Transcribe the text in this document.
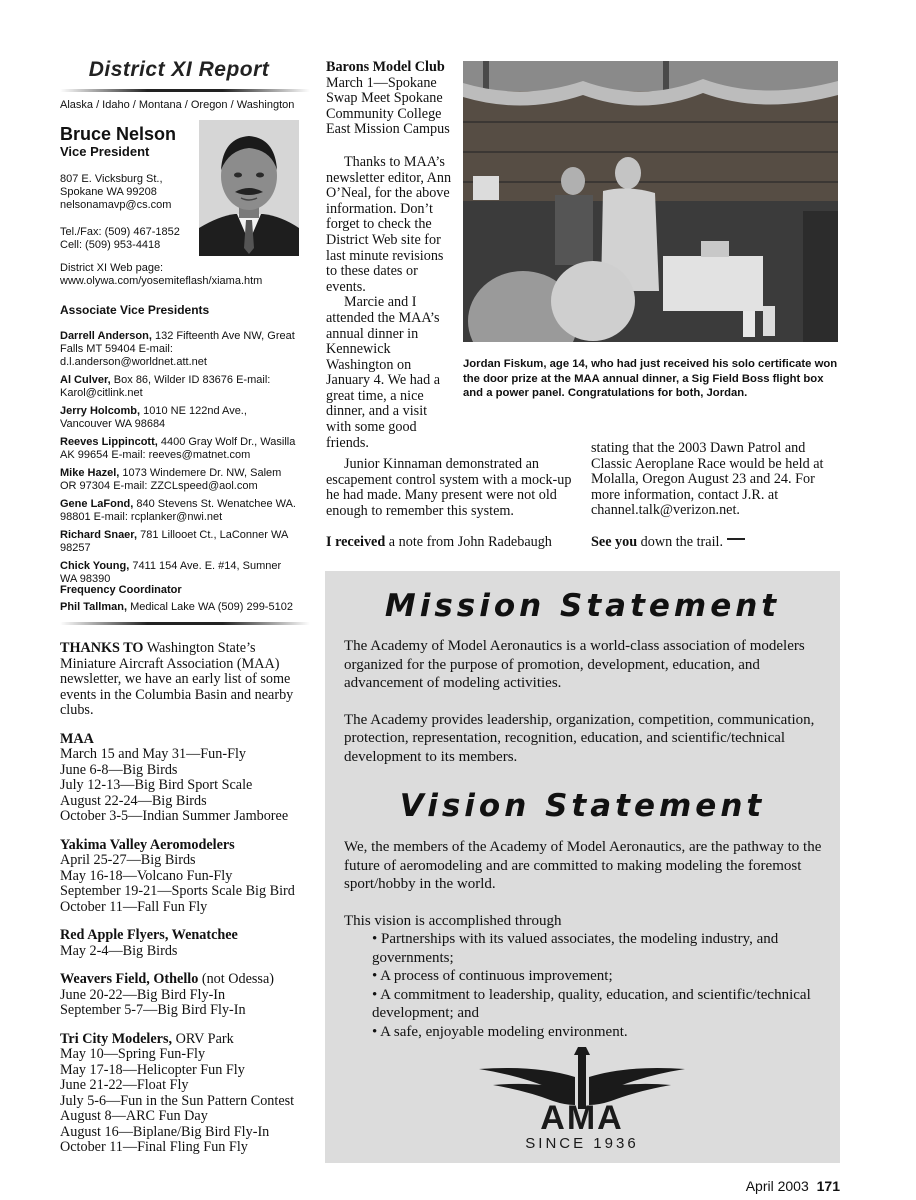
District XI Report
Alaska / Idaho / Montana / Oregon / Washington
Bruce Nelson
Vice President
807 E. Vicksburg St.,
Spokane WA 99208
nelsonamavp@cs.com
Tel./Fax: (509) 467-1852
Cell: (509) 953-4418
District XI Web page:
www.olywa.com/yosemiteflash/xiama.htm
Associate Vice Presidents

Darrell Anderson, 132 Fifteenth Ave NW, Great Falls MT 59404 E-mail: d.l.anderson@worldnet.att.net

Al Culver, Box 86, Wilder ID 83676 E-mail: Karol@citlink.net

Jerry Holcomb, 1010 NE 122nd Ave., Vancouver WA 98684

Reeves Lippincott, 4400 Gray Wolf Dr., Wasilla AK 99654 E-mail: reeves@matnet.com

Mike Hazel, 1073 Windemere Dr. NW, Salem OR 97304 E-mail: ZZCLspeed@aol.com

Gene LaFond, 840 Stevens St. Wenatchee WA. 98801 E-mail: rcplanker@nwi.net

Richard Snaer, 781 Lillooet Ct., LaConner WA 98257

Chick Young, 7411 154 Ave. E. #14, Sumner WA 98390

Frequency Coordinator
Phil Tallman, Medical Lake WA (509) 299-5102

THANKS TO Washington State’s Miniature Aircraft Association (MAA) newsletter, we have an early list of some events in the Columbia Basin and nearby clubs.

MAA
March 15 and May 31—Fun-Fly
June 6-8—Big Birds
July 12-13—Big Bird Sport Scale
August 22-24—Big Birds
October 3-5—Indian Summer Jamboree

Yakima Valley Aeromodelers
April 25-27—Big Birds
May 16-18—Volcano Fun-Fly
September 19-21—Sports Scale Big Bird
October 11—Fall Fun Fly

Red Apple Flyers, Wenatchee
May 2-4—Big Birds

Weavers Field, Othello (not Odessa)
June 20-22—Big Bird Fly-In
September 5-7—Big Bird Fly-In

Tri City Modelers, ORV Park
May 10—Spring Fun-Fly
May 17-18—Helicopter Fun Fly
June 21-22—Float Fly
July 5-6—Fun in the Sun Pattern Contest
August 8—ARC Fun Day
August 16—Biplane/Big Bird Fly-In
October 11—Final Fling Fun Fly

Barons Model Club
March 1—Spokane Swap Meet Spokane Community College East Mission Campus
Thanks to MAA’s newsletter editor, Ann O’Neal, for the above information. Don’t forget to check the District Web site for last minute revisions to these dates or events.
Marcie and I attended the MAA’s annual dinner in Kennewick Washington on January 4. We had a great time, a nice dinner, and a visit with some good friends.
Junior Kinnaman demonstrated an escapement control system with a mock-up he had made. Many present were not old enough to remember this system.
I received a note from John Radebaugh
Jordan Fiskum, age 14, who had just received his solo certificate won the door prize at the MAA annual dinner, a Sig Field Boss flight box and a power panel. Congratulations for both, Jordan.
stating that the 2003 Dawn Patrol and Classic Aeroplane Race would be held at Molalla, Oregon August 23 and 24. For more information, contact J.R. at channel.talk@verizon.net.
See you down the trail.
Mission Statement
The Academy of Model Aeronautics is a world-class association of modelers organized for the purpose of promotion, development, education, and advancement of modeling activities.
The Academy provides leadership, organization, competition, communication, protection, representation, recognition, education, and scientific/technical development to its members.
Vision Statement
We, the members of the Academy of Model Aeronautics, are the pathway to the future of aeromodeling and are committed to making modeling the foremost sport/hobby in the world.
This vision is accomplished through
• Partnerships with its valued associates, the modeling industry, and governments;
• A process of continuous improvement;
• A commitment to leadership, quality, education, and scientific/technical development; and
• A safe, enjoyable modeling environment.
AMA
SINCE 1936
April 2003 171
